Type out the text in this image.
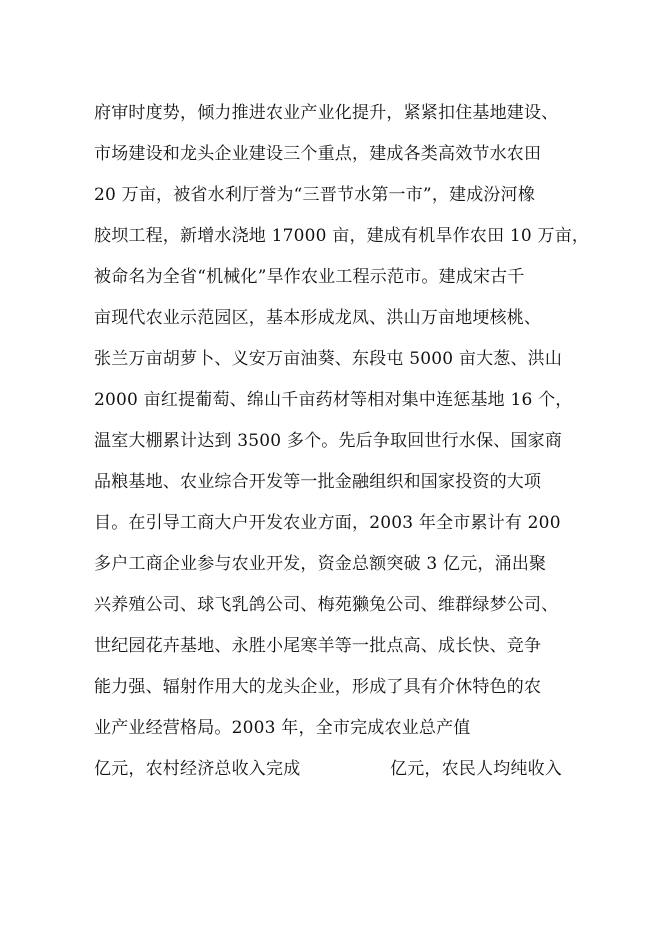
府审时度势，倾力推进农业产业化提升，紧紧扣住基地建设、
市场建设和龙头企业建设三个重点，建成各类高效节水农田
20 万亩，被省水利厅誉为“三晋节水第一市”，建成汾河橡
胶坝工程，新增水浇地 17000 亩，建成有机旱作农田 10 万亩，
被命名为全省“机械化”旱作农业工程示范市。建成宋古千
亩现代农业示范园区，基本形成龙凤、洪山万亩地埂核桃、
张兰万亩胡萝卜、义安万亩油葵、东段屯 5000 亩大葱、洪山
2000 亩红提葡萄、绵山千亩药材等相对集中连惩基地 16 个，
温室大棚累计达到 3500 多个。先后争取回世行水保、国家商
品粮基地、农业综合开发等一批金融组织和国家投资的大项
目。在引导工商大户开发农业方面，2003 年全市累计有 200
多户工商企业参与农业开发，资金总额突破 3 亿元，涌出聚
兴养殖公司、球飞乳鸽公司、梅苑獭兔公司、维群绿梦公司、
世纪园花卉基地、永胜小尾寒羊等一批点高、成长快、竞争
能力强、辐射作用大的龙头企业，形成了具有介休特色的农
业产业经营格局。2003 年，全市完成农业总产值
亿元，农村经济总收入完成	亿元，农民人均纯收入
